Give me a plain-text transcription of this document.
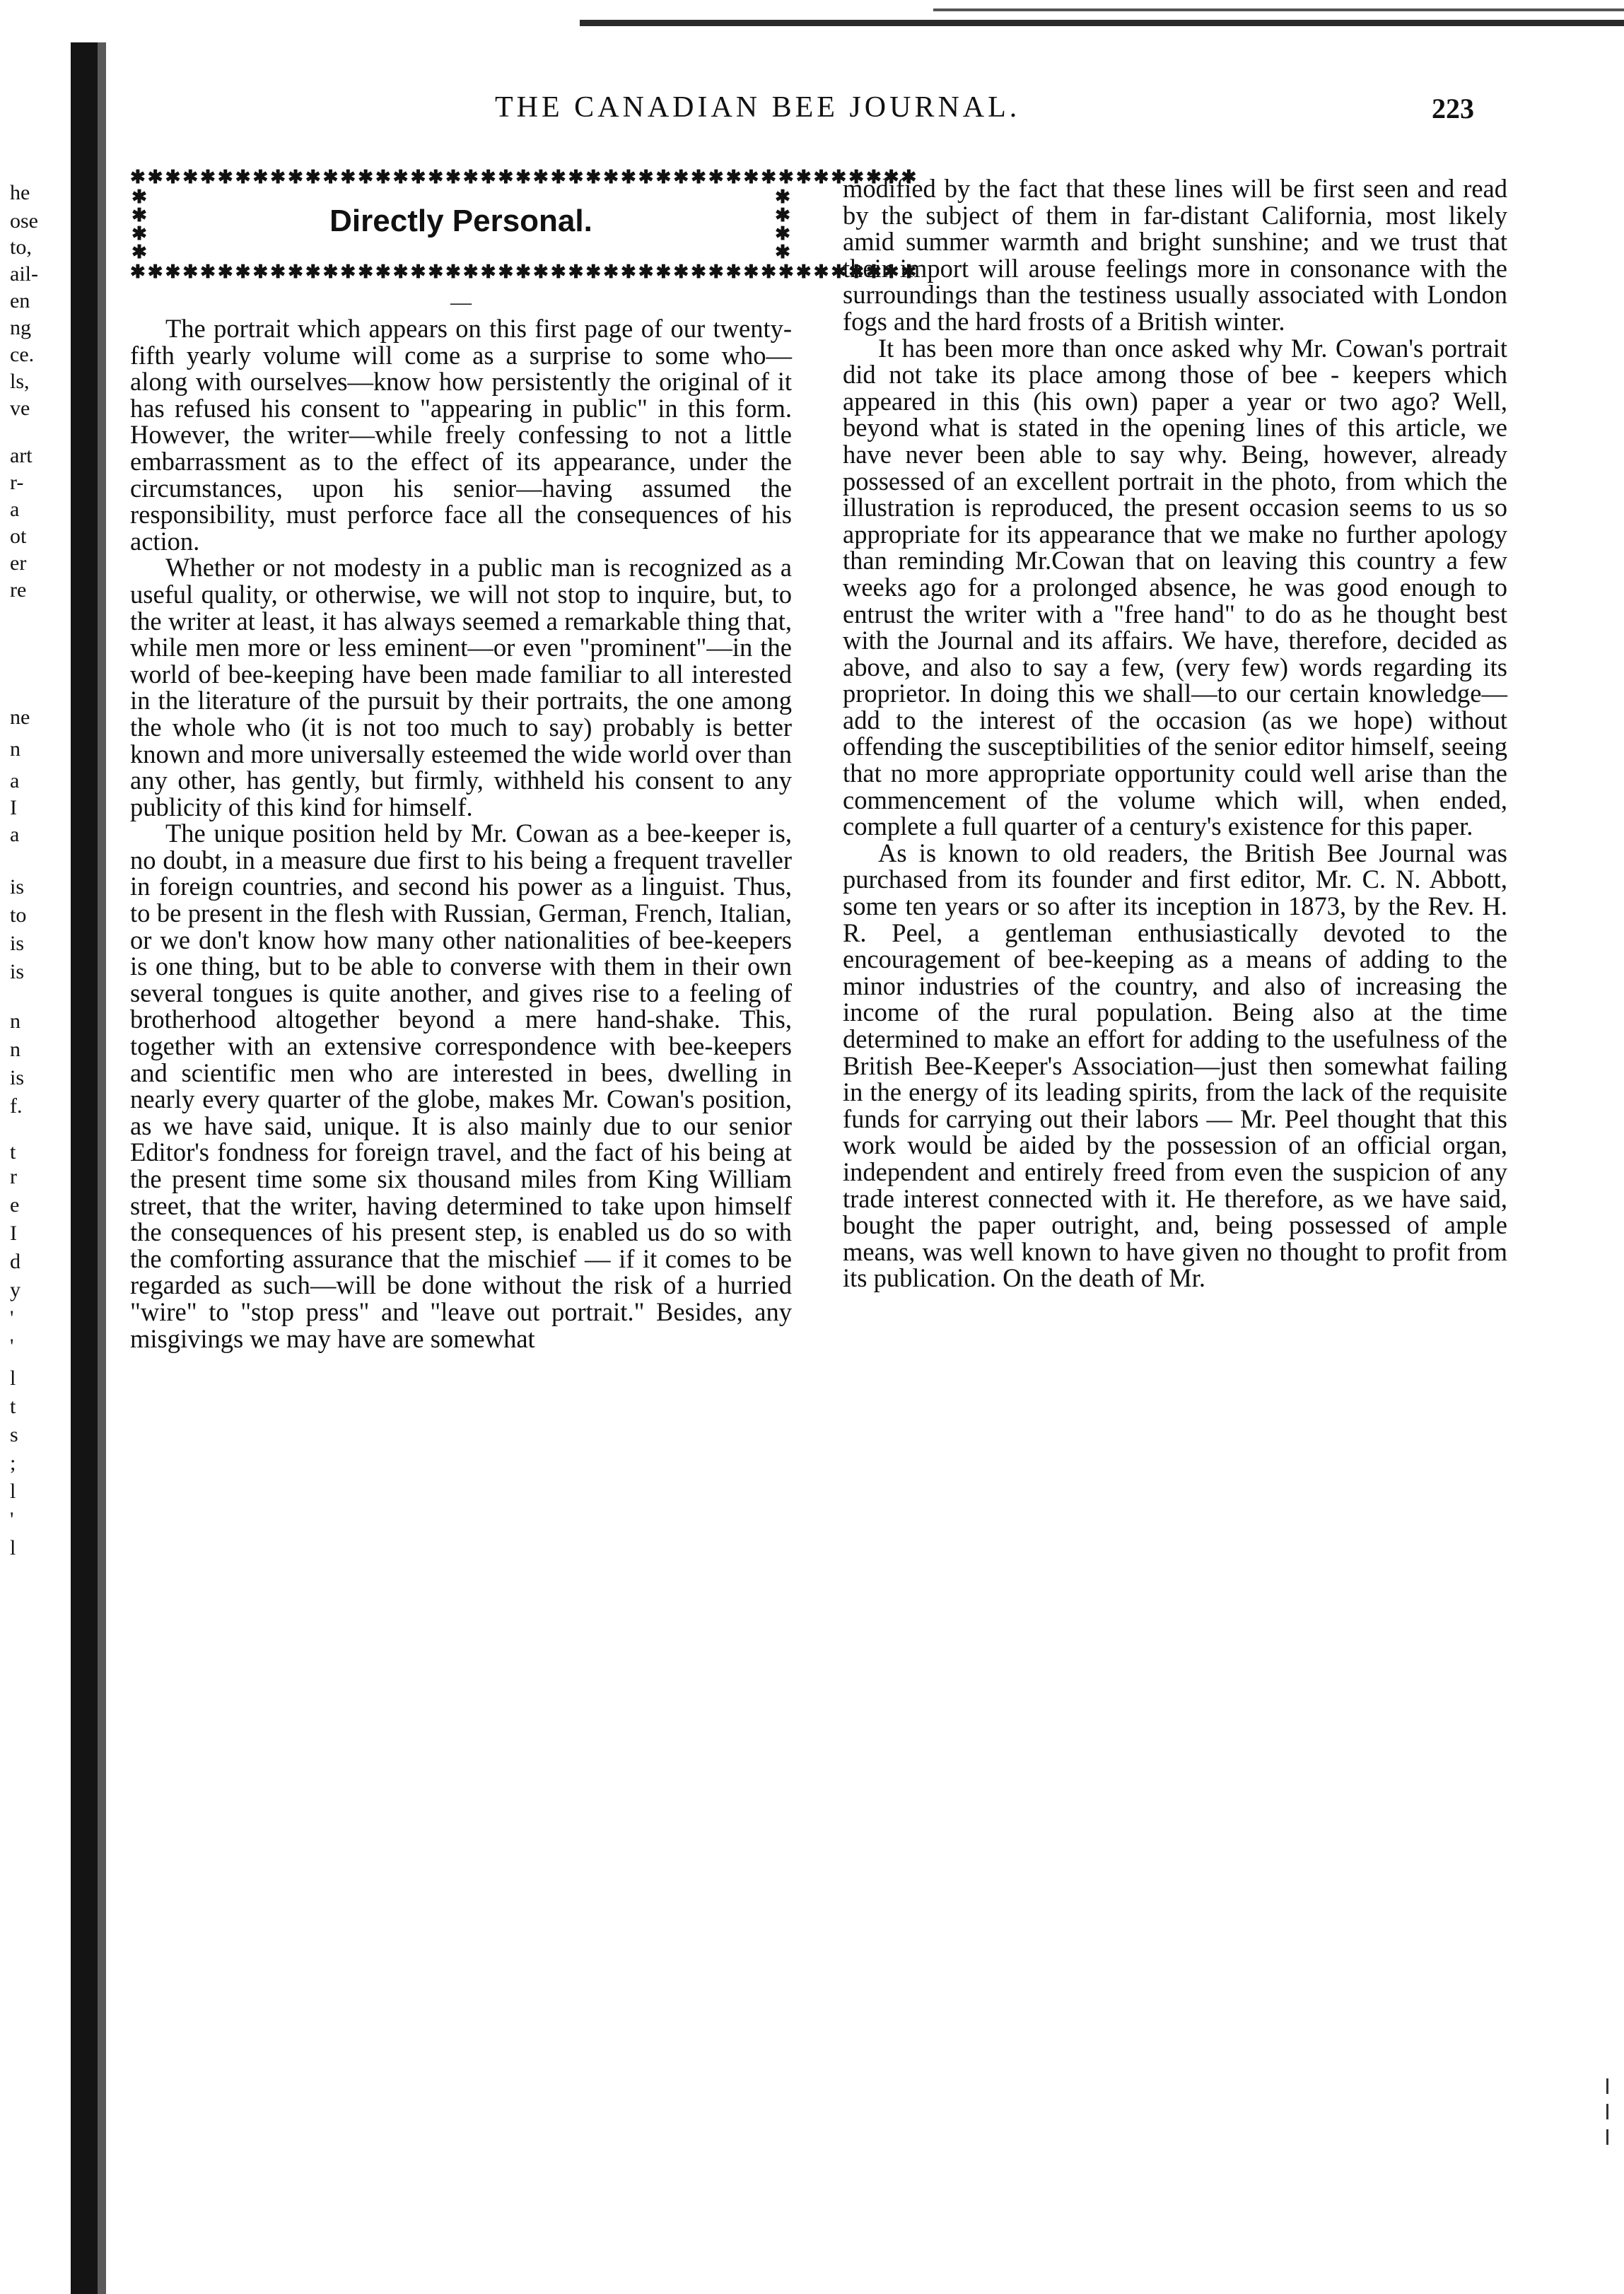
he
ose
to,
ail-
en
ng
ce.
ls,
ve
art
r-
a
ot
er
re
ne
n
a
I
a
is
to
is
is
n
n
is
f.
t
r
e
I
d
y
'
'
l
t
s
;
l
'
l
THE CANADIAN BEE JOURNAL.	223
✱✱✱✱✱✱✱✱✱✱✱✱✱✱✱✱✱✱✱✱✱✱✱✱✱✱✱✱✱✱✱✱✱✱✱✱✱✱✱✱✱✱✱✱✱
✱
✱
✱
✱
✱
✱
✱
✱
Directly Personal.
✱✱✱✱✱✱✱✱✱✱✱✱✱✱✱✱✱✱✱✱✱✱✱✱✱✱✱✱✱✱✱✱✱✱✱✱✱✱✱✱✱✱✱✱✱
—

The portrait which appears on this first page of our twenty-fifth yearly volume will come as a surprise to some who—along with ourselves—know how persistently the original of it has refused his consent to "appearing in public" in this form. However, the writer—while freely confessing to not a little embarrassment as to the effect of its appearance, under the circumstances, upon his senior—having assumed the responsibility, must perforce face all the consequences of his action.

Whether or not modesty in a public man is recognized as a useful quality, or otherwise, we will not stop to inquire, but, to the writer at least, it has always seemed a remarkable thing that, while men more or less eminent—or even "prominent"—in the world of bee-keeping have been made familiar to all interested in the literature of the pursuit by their portraits, the one among the whole who (it is not too much to say) probably is better known and more universally esteemed the wide world over than any other, has gently, but firmly, withheld his consent to any publicity of this kind for himself.

The unique position held by Mr. Cowan as a bee-keeper is, no doubt, in a measure due first to his being a frequent traveller in foreign countries, and second his power as a linguist. Thus, to be present in the flesh with Russian, German, French, Italian, or we don't know how many other nationalities of bee-keepers is one thing, but to be able to converse with them in their own several tongues is quite another, and gives rise to a feeling of brotherhood altogether beyond a mere hand-shake. This, together with an extensive correspondence with bee-keepers and scientific men who are interested in bees, dwelling in nearly every quarter of the globe, makes Mr. Cowan's position, as we have said, unique. It is also mainly due to our senior Editor's fondness for foreign travel, and the fact of his being at the present time some six thousand miles from King William street, that the writer, having determined to take upon himself the consequences of his present step, is enabled us do so with the comforting assurance that the mischief — if it comes to be regarded as such—will be done without the risk of a hurried "wire" to "stop press" and "leave out portrait." Besides, any misgivings we may have are somewhat

modified by the fact that these lines will be first seen and read by the subject of them in far-distant California, most likely amid summer warmth and bright sunshine; and we trust that their import will arouse feelings more in consonance with the surroundings than the testiness usually associated with London fogs and the hard frosts of a British winter.

It has been more than once asked why Mr. Cowan's portrait did not take its place among those of bee - keepers which appeared in this (his own) paper a year or two ago? Well, beyond what is stated in the opening lines of this article, we have never been able to say why. Being, however, already possessed of an excellent portrait in the photo, from which the illustration is reproduced, the present occasion seems to us so appropriate for its appearance that we make no further apology than reminding Mr.Cowan that on leaving this country a few weeks ago for a prolonged absence, he was good enough to entrust the writer with a "free hand" to do as he thought best with the Journal and its affairs. We have, therefore, decided as above, and also to say a few, (very few) words regarding its proprietor. In doing this we shall—to our certain knowledge—add to the interest of the occasion (as we hope) without offending the susceptibilities of the senior editor himself, seeing that no more appropriate opportunity could well arise than the commencement of the volume which will, when ended, complete a full quarter of a century's existence for this paper.

As is known to old readers, the British Bee Journal was purchased from its founder and first editor, Mr. C. N. Abbott, some ten years or so after its inception in 1873, by the Rev. H. R. Peel, a gentleman enthusiastically devoted to the encouragement of bee-keeping as a means of adding to the minor industries of the country, and also of increasing the income of the rural population. Being also at the time determined to make an effort for adding to the usefulness of the British Bee-Keeper's Association—just then somewhat failing in the energy of its leading spirits, from the lack of the requisite funds for carrying out their labors — Mr. Peel thought that this work would be aided by the possession of an official organ, independent and entirely freed from even the suspicion of any trade interest connected with it. He therefore, as we have said, bought the paper outright, and, being possessed of ample means, was well known to have given no thought to profit from its publication. On the death of Mr.
